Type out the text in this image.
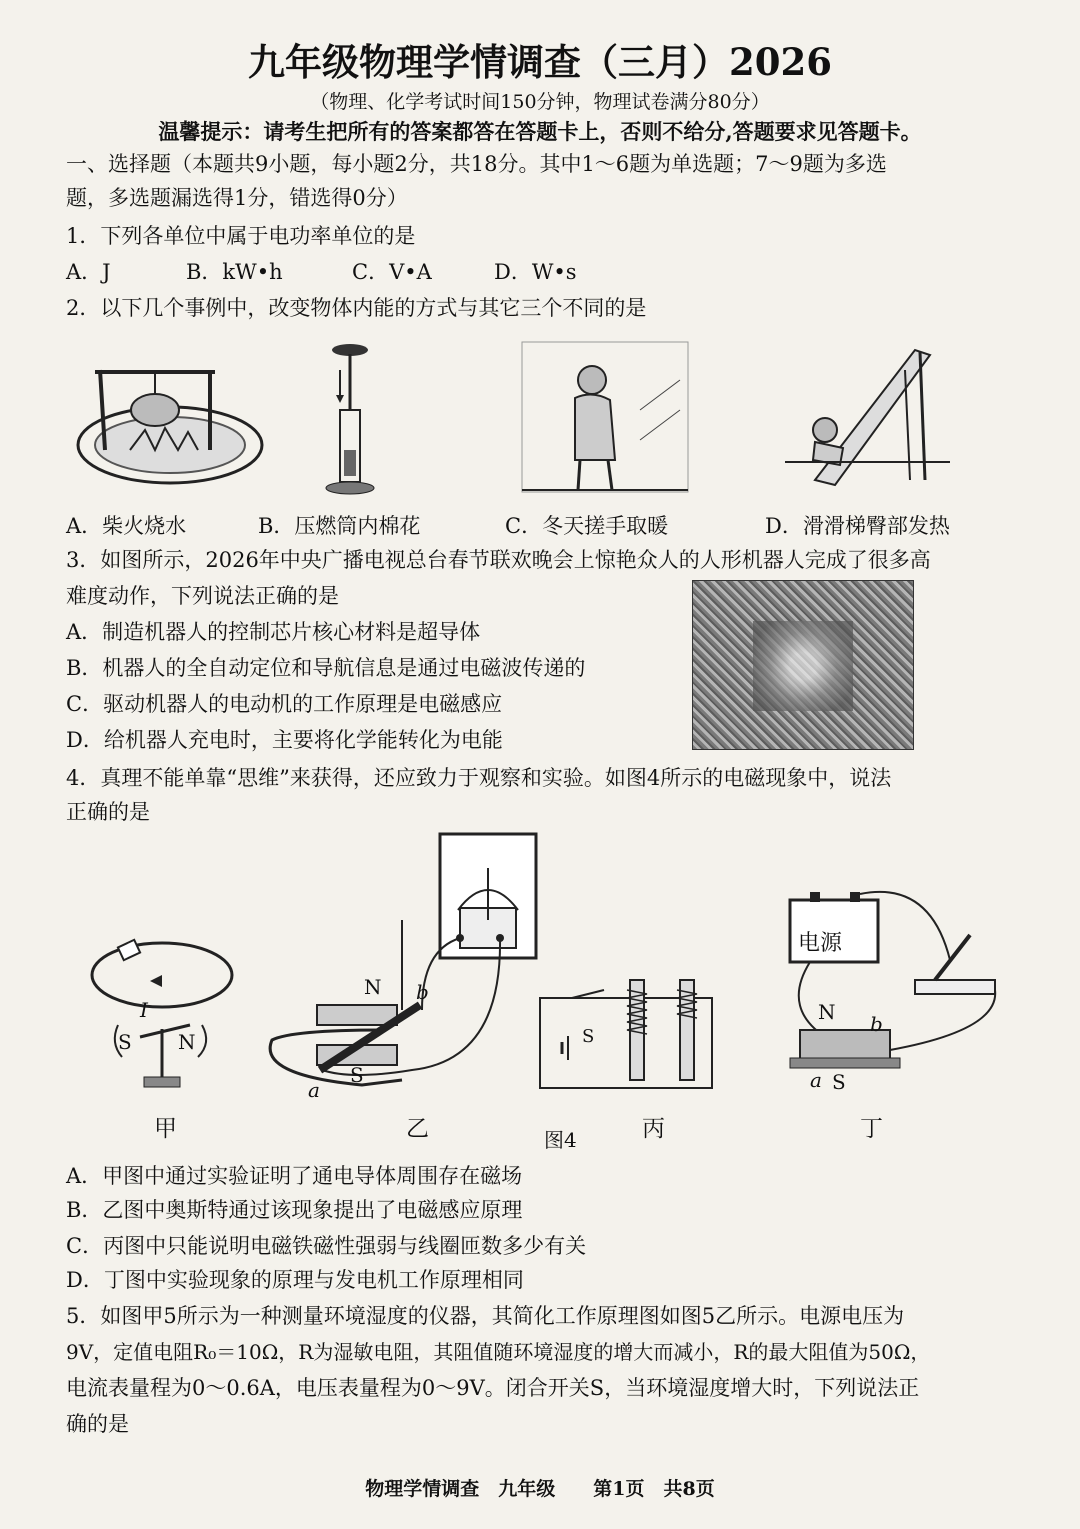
九年级物理学情调查（三月）2026
（物理、化学考试时间150分钟，物理试卷满分80分）
温馨提示：请考生把所有的答案都答在答题卡上，否则不给分,答题要求见答题卡。
一、选择题（本题共9小题，每小题2分，共18分。其中1～6题为单选题；7～9题为多选
题，多选题漏选得1分，错选得0分）
1．下列各单位中属于电功率单位的是
A．J	B．kW•h	C．V•A	D．W•s
2．以下几个事例中，改变物体内能的方式与其它三个不同的是
A．柴火烧水	B．压燃筒内棉花	C．冬天搓手取暖	D．滑滑梯臀部发热
3．如图所示，2026年中央广播电视总台春节联欢晚会上惊艳众人的人形机器人完成了很多高
难度动作，下列说法正确的是
A．制造机器人的控制芯片核心材料是超导体
B．机器人的全自动定位和导航信息是通过电磁波传递的
C．驱动机器人的电动机的工作原理是电磁感应
D．给机器人充电时，主要将化学能转化为电能
4．真理不能单靠“思维”来获得，还应致力于观察和实验。如图4所示的电磁现象中，说法
正确的是
I
S N
N
S
b
a
S
电源
N b
a S
甲	乙	图4	丙	丁
A．甲图中通过实验证明了通电导体周围存在磁场
B．乙图中奥斯特通过该现象提出了电磁感应原理
C．丙图中只能说明电磁铁磁性强弱与线圈匝数多少有关
D．丁图中实验现象的原理与发电机工作原理相同
5．如图甲5所示为一种测量环境湿度的仪器，其简化工作原理图如图5乙所示。电源电压为
9V，定值电阻R₀＝10Ω，R为湿敏电阻，其阻值随环境湿度的增大而减小，R的最大阻值为50Ω，
电流表量程为0～0.6A，电压表量程为0～9V。闭合开关S，当环境湿度增大时，下列说法正
确的是
物理学情调查　九年级　　第1页　共8页
